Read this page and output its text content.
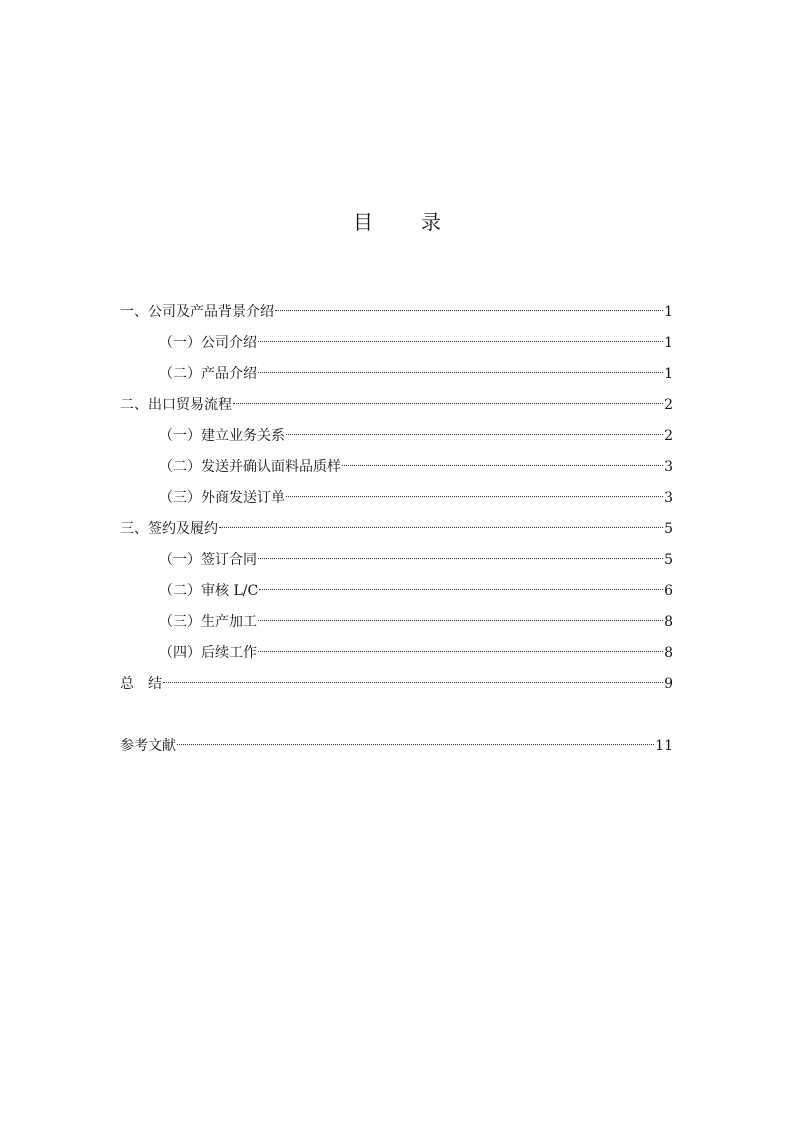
目　录
一、公司及产品背景介绍	1
（一）公司介绍	1
（二）产品介绍	1
二、出口贸易流程	2
（一）建立业务关系	2
（二）发送并确认面料品质样	3
（三）外商发送订单	3
三、签约及履约	5
（一）签订合同	5
（二）审核 L/C	6
（三）生产加工	8
（四）后续工作	8
总　结	9
参考文献	11
